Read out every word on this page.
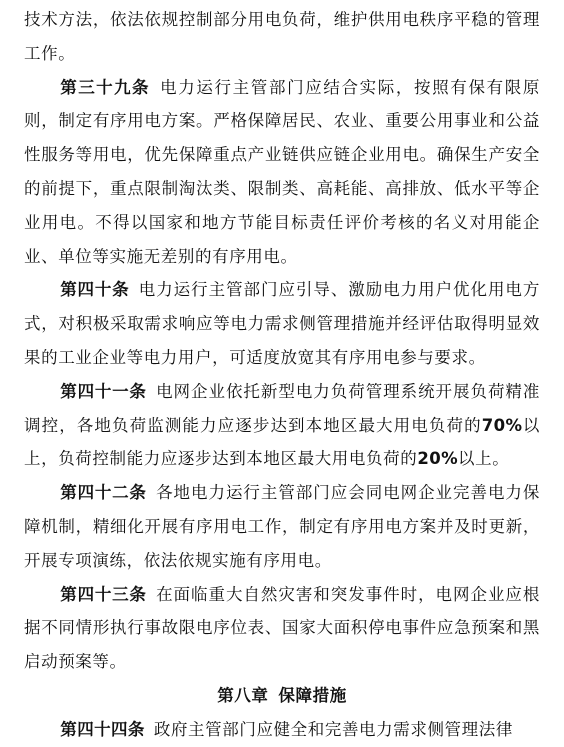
技术方法，依法依规控制部分用电负荷，维护供用电秩序平稳的管理工作。

第三十九条 电力运行主管部门应结合实际，按照有保有限原则，制定有序用电方案。严格保障居民、农业、重要公用事业和公益性服务等用电，优先保障重点产业链供应链企业用电。确保生产安全的前提下，重点限制淘汰类、限制类、高耗能、高排放、低水平等企业用电。不得以国家和地方节能目标责任评价考核的名义对用能企业、单位等实施无差别的有序用电。

第四十条 电力运行主管部门应引导、激励电力用户优化用电方式，对积极采取需求响应等电力需求侧管理措施并经评估取得明显效果的工业企业等电力用户，可适度放宽其有序用电参与要求。

第四十一条 电网企业依托新型电力负荷管理系统开展负荷精准调控，各地负荷监测能力应逐步达到本地区最大用电负荷的70%以上，负荷控制能力应逐步达到本地区最大用电负荷的20%以上。

第四十二条 各地电力运行主管部门应会同电网企业完善电力保障机制，精细化开展有序用电工作，制定有序用电方案并及时更新，开展专项演练，依法依规实施有序用电。

第四十三条 在面临重大自然灾害和突发事件时，电网企业应根据不同情形执行事故限电序位表、国家大面积停电事件应急预案和黑启动预案等。

第八章 保障措施

第四十四条 政府主管部门应健全和完善电力需求侧管理法律
